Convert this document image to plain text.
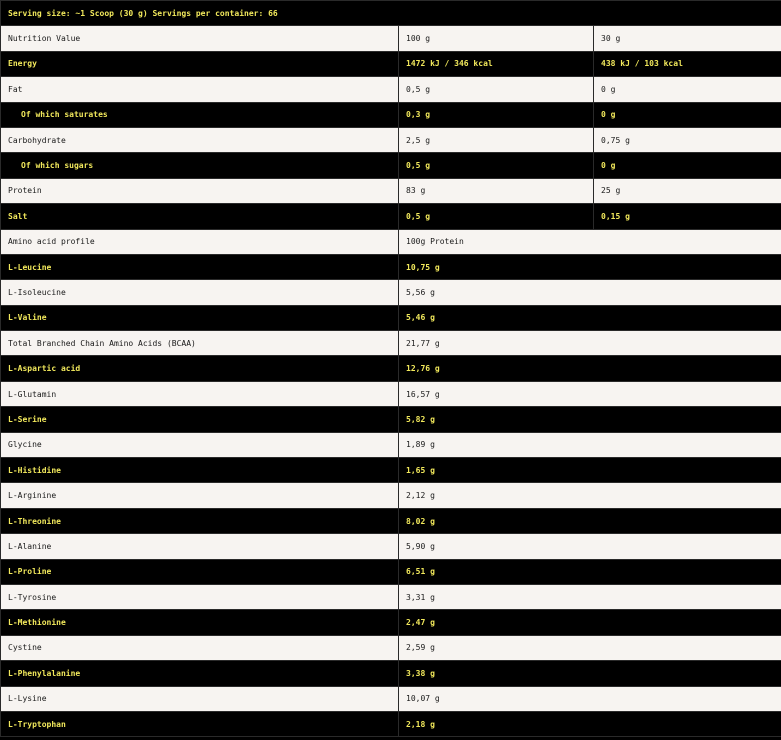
Serving size: ~1 Scoop (30 g) Servings per container: 66		
Nutrition Value	100 g	30 g
Energy	1472 kJ / 346 kcal	438 kJ / 103 kcal
Fat	0,5 g	0 g
Of which saturates	0,3 g	0 g
Carbohydrate	2,5 g	0,75 g
Of which sugars	0,5 g	0 g
Protein	83 g	25 g
Salt	0,5 g	0,15 g
Amino acid profile	100g Protein	
L-Leucine	10,75 g	
L-Isoleucine	5,56 g	
L-Valine	5,46 g	
Total Branched Chain Amino Acids (BCAA)	21,77 g	
L-Aspartic acid	12,76 g	
L-Glutamin	16,57 g	
L-Serine	5,82 g	
Glycine	1,89 g	
L-Histidine	1,65 g	
L-Arginine	2,12 g	
L-Threonine	8,02 g	
L-Alanine	5,90 g	
L-Proline	6,51 g	
L-Tyrosine	3,31 g	
L-Methionine	2,47 g	
Cystine	2,59 g	
L-Phenylalanine	3,38 g	
L-Lysine	10,07 g	
L-Tryptophan	2,18 g	
